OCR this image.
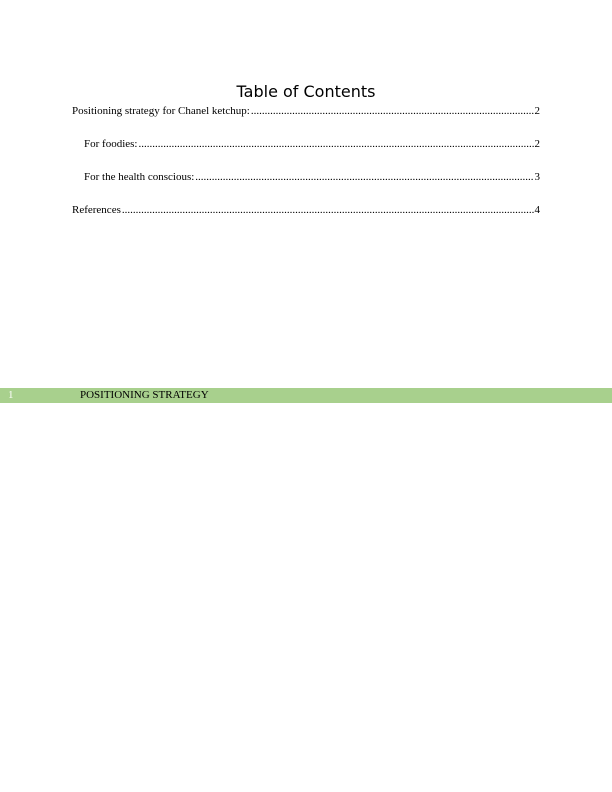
Table of Contents
Positioning strategy for Chanel ketchup: .....	2
For foodies: .....	2
For the health conscious: .....	3
References .....	4
1	POSITIONING STRATEGY
